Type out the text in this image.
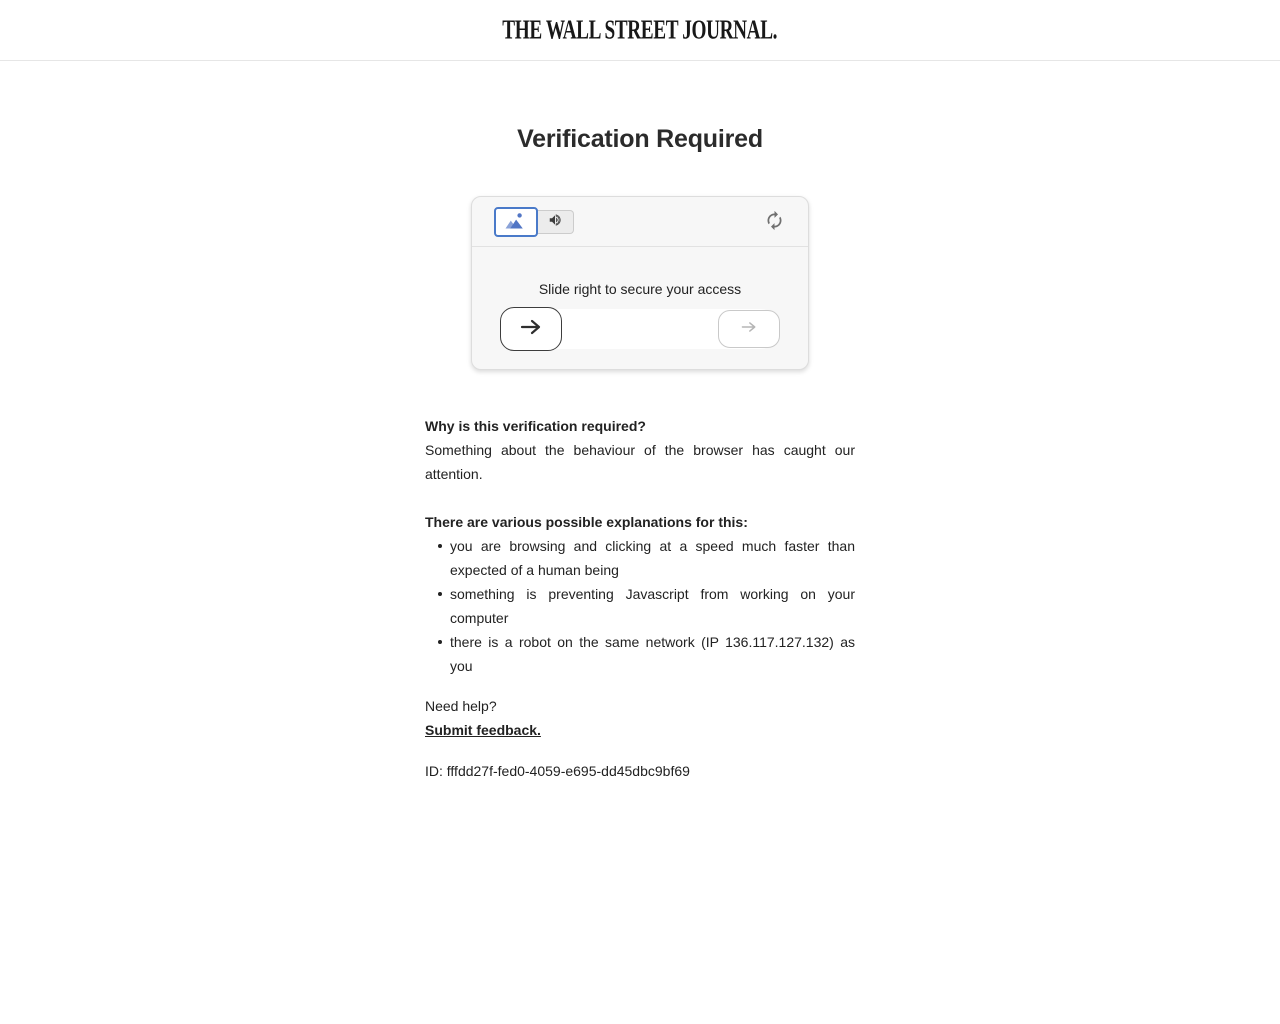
THE WALL STREET JOURNAL.
Verification Required
Slide right to secure your access
Why is this verification required?

Something about the behaviour of the browser has caught our attention.

There are various possible explanations for this:
you are browsing and clicking at a speed much faster than expected of a human being
something is preventing Javascript from working on your computer
there is a robot on the same network (IP 136.117.127.132) as you
Need help?
Submit feedback.
ID: fffdd27f-fed0-4059-e695-dd45dbc9bf69
